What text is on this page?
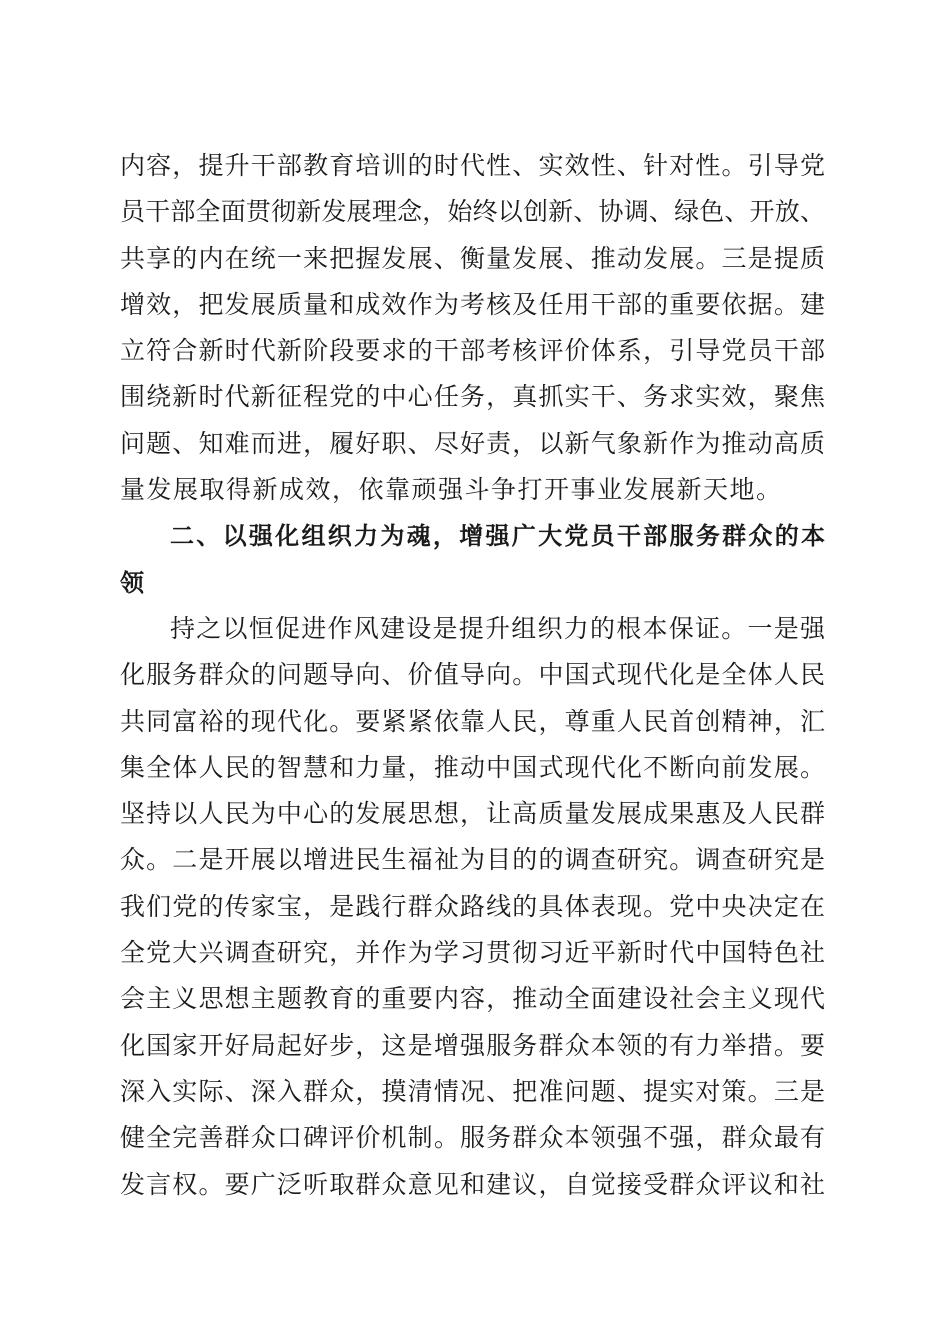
内容，提升干部教育培训的时代性、实效性、针对性。引导党
员干部全面贯彻新发展理念，始终以创新、协调、绿色、开放、
共享的内在统一来把握发展、衡量发展、推动发展。三是提质
增效，把发展质量和成效作为考核及任用干部的重要依据。建
立符合新时代新阶段要求的干部考核评价体系，引导党员干部
围绕新时代新征程党的中心任务，真抓实干、务求实效，聚焦
问题、知难而进，履好职、尽好责，以新气象新作为推动高质
量发展取得新成效，依靠顽强斗争打开事业发展新天地。
二、以强化组织力为魂，增强广大党员干部服务群众的本
领
持之以恒促进作风建设是提升组织力的根本保证。一是强
化服务群众的问题导向、价值导向。中国式现代化是全体人民
共同富裕的现代化。要紧紧依靠人民，尊重人民首创精神，汇
集全体人民的智慧和力量，推动中国式现代化不断向前发展。
坚持以人民为中心的发展思想，让高质量发展成果惠及人民群
众。二是开展以增进民生福祉为目的的调查研究。调查研究是
我们党的传家宝，是践行群众路线的具体表现。党中央决定在
全党大兴调查研究，并作为学习贯彻习近平新时代中国特色社
会主义思想主题教育的重要内容，推动全面建设社会主义现代
化国家开好局起好步，这是增强服务群众本领的有力举措。要
深入实际、深入群众，摸清情况、把准问题、提实对策。三是
健全完善群众口碑评价机制。服务群众本领强不强，群众最有
发言权。要广泛听取群众意见和建议，自觉接受群众评议和社
